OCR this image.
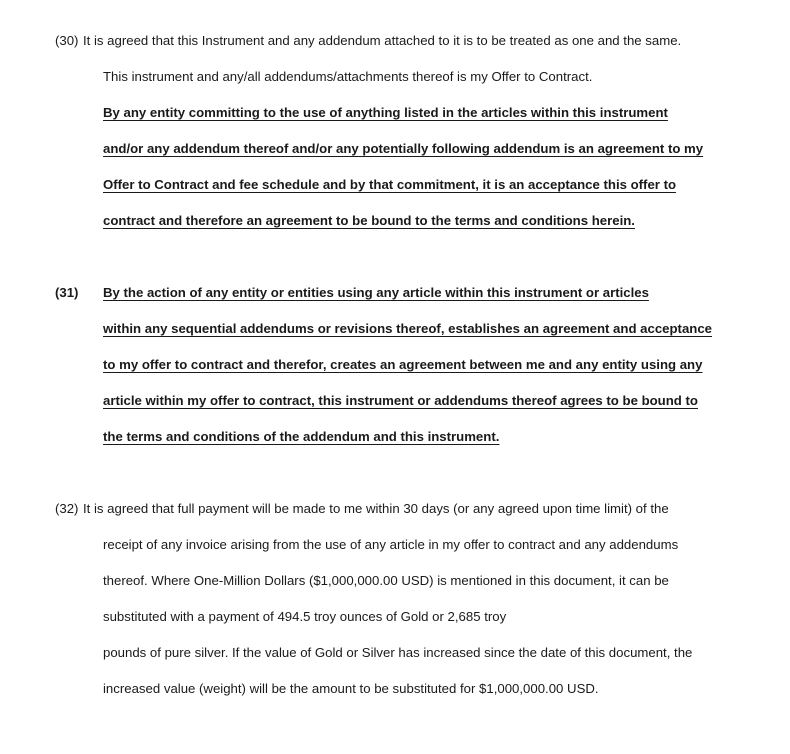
(30) It is agreed that this Instrument and any addendum attached to it is to be treated as one and the same.
This instrument and any/all addendums/attachments thereof is my Offer to Contract.
By any entity committing to the use of anything listed in the articles within this instrument
and/or any addendum thereof and/or any potentially following addendum is an agreement to my
Offer to Contract and fee schedule and by that commitment, it is an acceptance this offer to
contract and therefore an agreement to be bound to the terms and conditions herein.
(31) By the action of any entity or entities using any article within this instrument or articles
within any sequential addendums or revisions thereof, establishes an agreement and acceptance
to my offer to contract and therefor, creates an agreement between me and any entity using any
article within my offer to contract, this instrument or addendums thereof agrees to be bound to
the terms and conditions of the addendum and this instrument.
(32) It is agreed that full payment will be made to me within 30 days (or any agreed upon time limit) of the
receipt of any invoice arising from the use of any article in my offer to contract and any addendums
thereof. Where One-Million Dollars ($1,000,000.00 USD) is mentioned in this document, it can be
substituted with a payment of 494.5 troy ounces of Gold or 2,685 troy
pounds of pure silver. If the value of Gold or Silver has increased since the date of this document, the
increased value (weight) will be the amount to be substituted for $1,000,000.00 USD.
